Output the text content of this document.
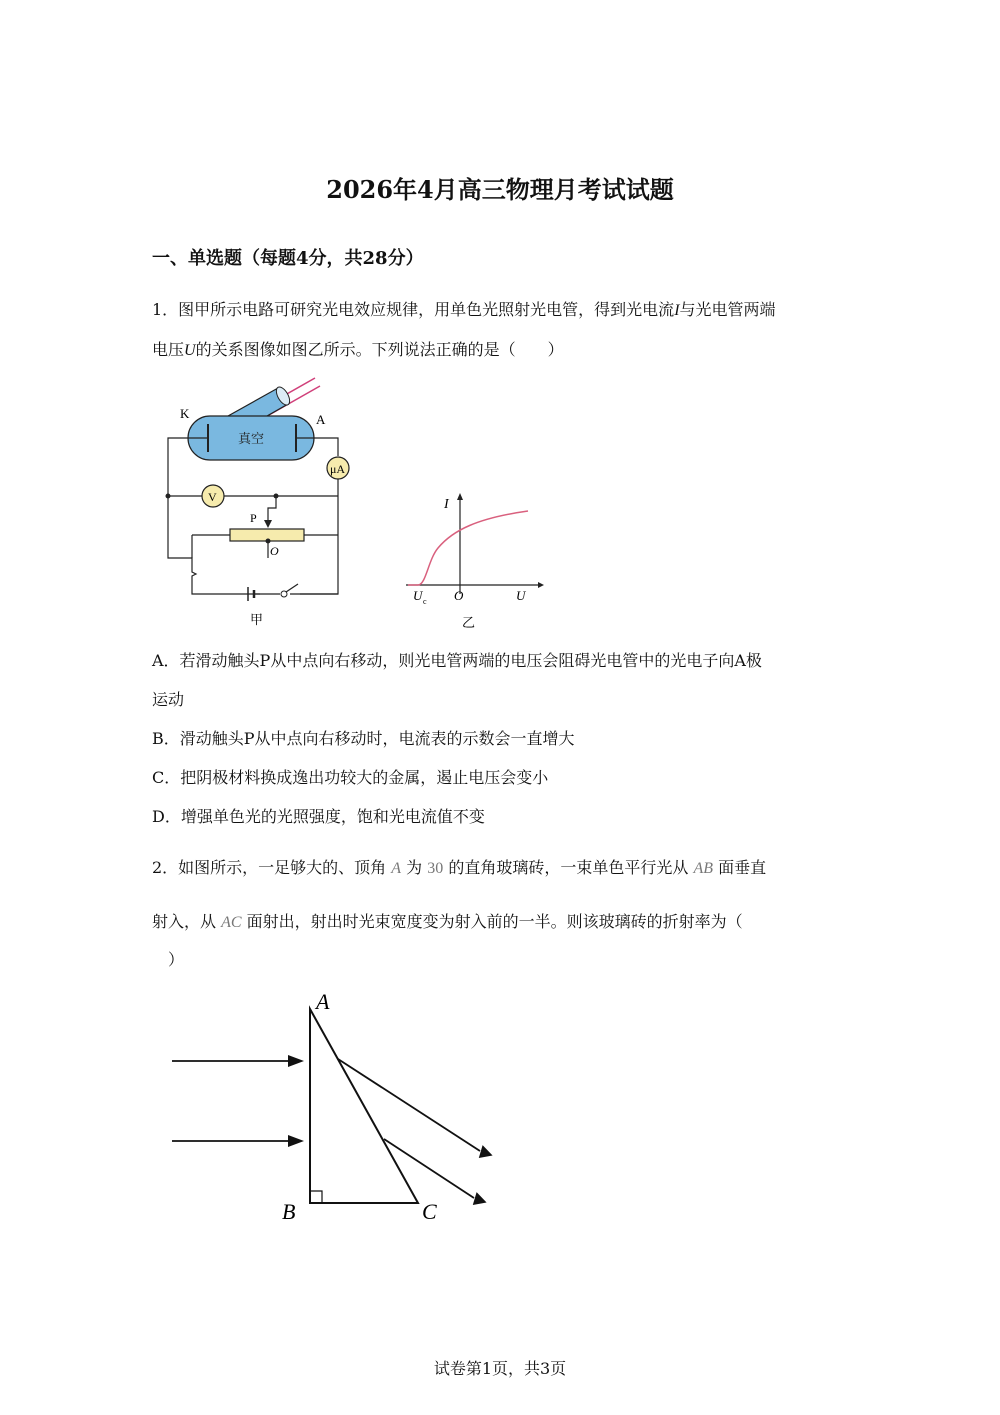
2026年4月高三物理月考试试题
一、单选题（每题4分，共28分）
1．图甲所示电路可研究光电效应规律，用单色光照射光电管，得到光电流I与光电管两端
电压U的关系图像如图乙所示。下列说法正确的是（　　）
真空
K	A
μA
V
P
O
甲
I
U c O	U
乙
A．若滑动触头P从中点向右移动，则光电管两端的电压会阻碍光电管中的光电子向A极
运动
B．滑动触头P从中点向右移动时，电流表的示数会一直增大
C．把阴极材料换成逸出功较大的金属，遏止电压会变小
D．增强单色光的光照强度，饱和光电流值不变
2．如图所示，一足够大的、顶角 A 为 30 的直角玻璃砖，一束单色平行光从 AB 面垂直
射入，从 AC 面射出，射出时光束宽度变为射入前的一半。则该玻璃砖的折射率为（
）
A
B	C
试卷第1页，共3页
